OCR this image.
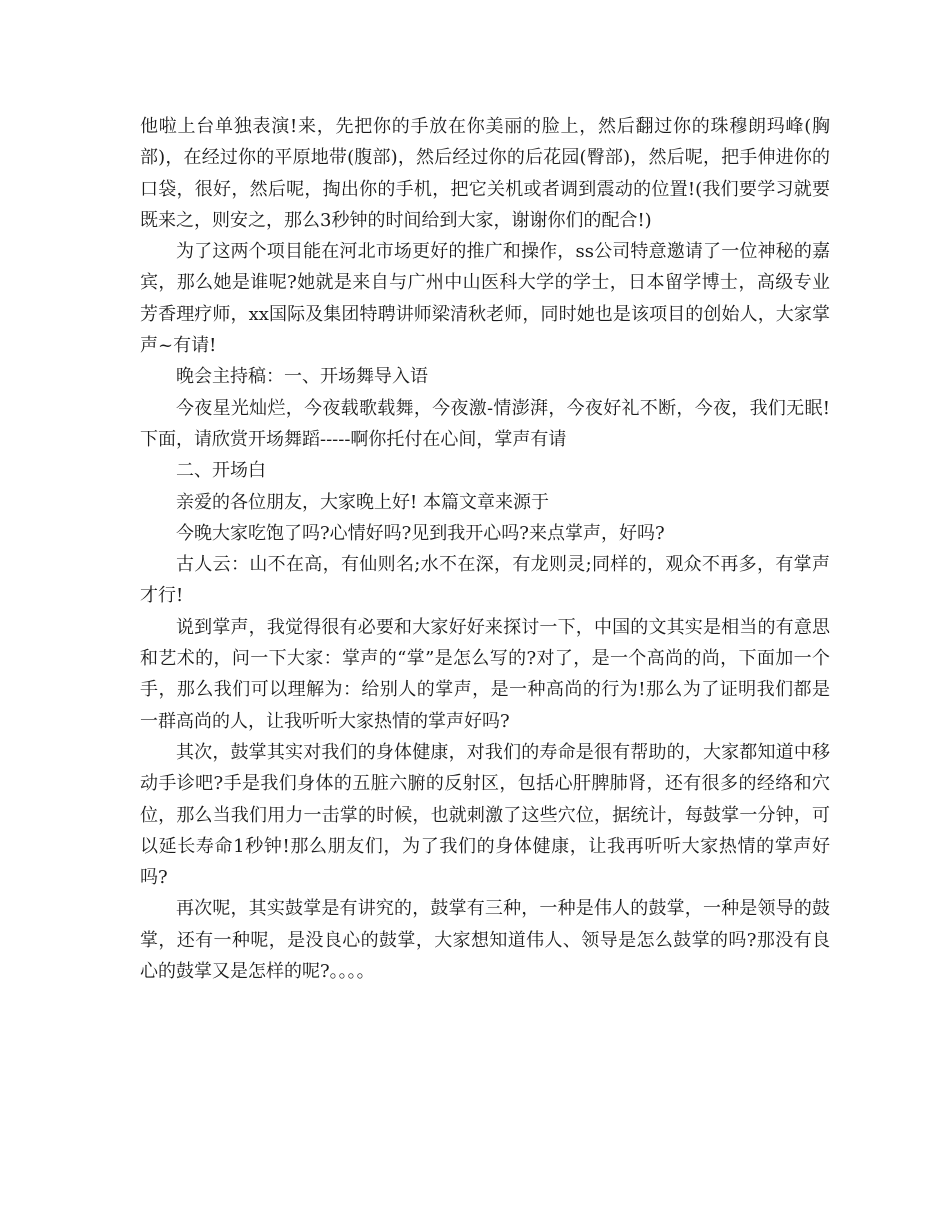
他啦上台单独表演!来，先把你的手放在你美丽的脸上，然后翻过你的珠穆朗玛峰(胸部)，在经过你的平原地带(腹部)，然后经过你的后花园(臀部)，然后呢，把手伸进你的口袋，很好，然后呢，掏出你的手机，把它关机或者调到震动的位置!(我们要学习就要既来之，则安之，那么3秒钟的时间给到大家，谢谢你们的配合!)

为了这两个项目能在河北市场更好的推广和操作，ss公司特意邀请了一位神秘的嘉宾，那么她是谁呢?她就是来自与广州中山医科大学的学士，日本留学博士，高级专业芳香理疗师，xx国际及集团特聘讲师梁清秋老师，同时她也是该项目的创始人，大家掌声~有请!

晚会主持稿：一、开场舞导入语

今夜星光灿烂，今夜载歌载舞，今夜激-情澎湃，今夜好礼不断，今夜，我们无眠!下面，请欣赏开场舞蹈-----啊你托付在心间，掌声有请

二、开场白

亲爱的各位朋友，大家晚上好! 本篇文章来源于

今晚大家吃饱了吗?心情好吗?见到我开心吗?来点掌声，好吗?

古人云：山不在高，有仙则名;水不在深，有龙则灵;同样的，观众不再多，有掌声才行!

说到掌声，我觉得很有必要和大家好好来探讨一下，中国的文其实是相当的有意思和艺术的，问一下大家：掌声的“掌”是怎么写的?对了，是一个高尚的尚，下面加一个手，那么我们可以理解为：给别人的掌声，是一种高尚的行为!那么为了证明我们都是一群高尚的人，让我听听大家热情的掌声好吗?

其次，鼓掌其实对我们的身体健康，对我们的寿命是很有帮助的，大家都知道中移动手诊吧?手是我们身体的五脏六腑的反射区，包括心肝脾肺肾，还有很多的经络和穴位，那么当我们用力一击掌的时候，也就刺激了这些穴位，据统计，每鼓掌一分钟，可以延长寿命1秒钟!那么朋友们，为了我们的身体健康，让我再听听大家热情的掌声好吗?

再次呢，其实鼓掌是有讲究的，鼓掌有三种，一种是伟人的鼓掌，一种是领导的鼓掌，还有一种呢，是没良心的鼓掌，大家想知道伟人、领导是怎么鼓掌的吗?那没有良心的鼓掌又是怎样的呢?。。。。
